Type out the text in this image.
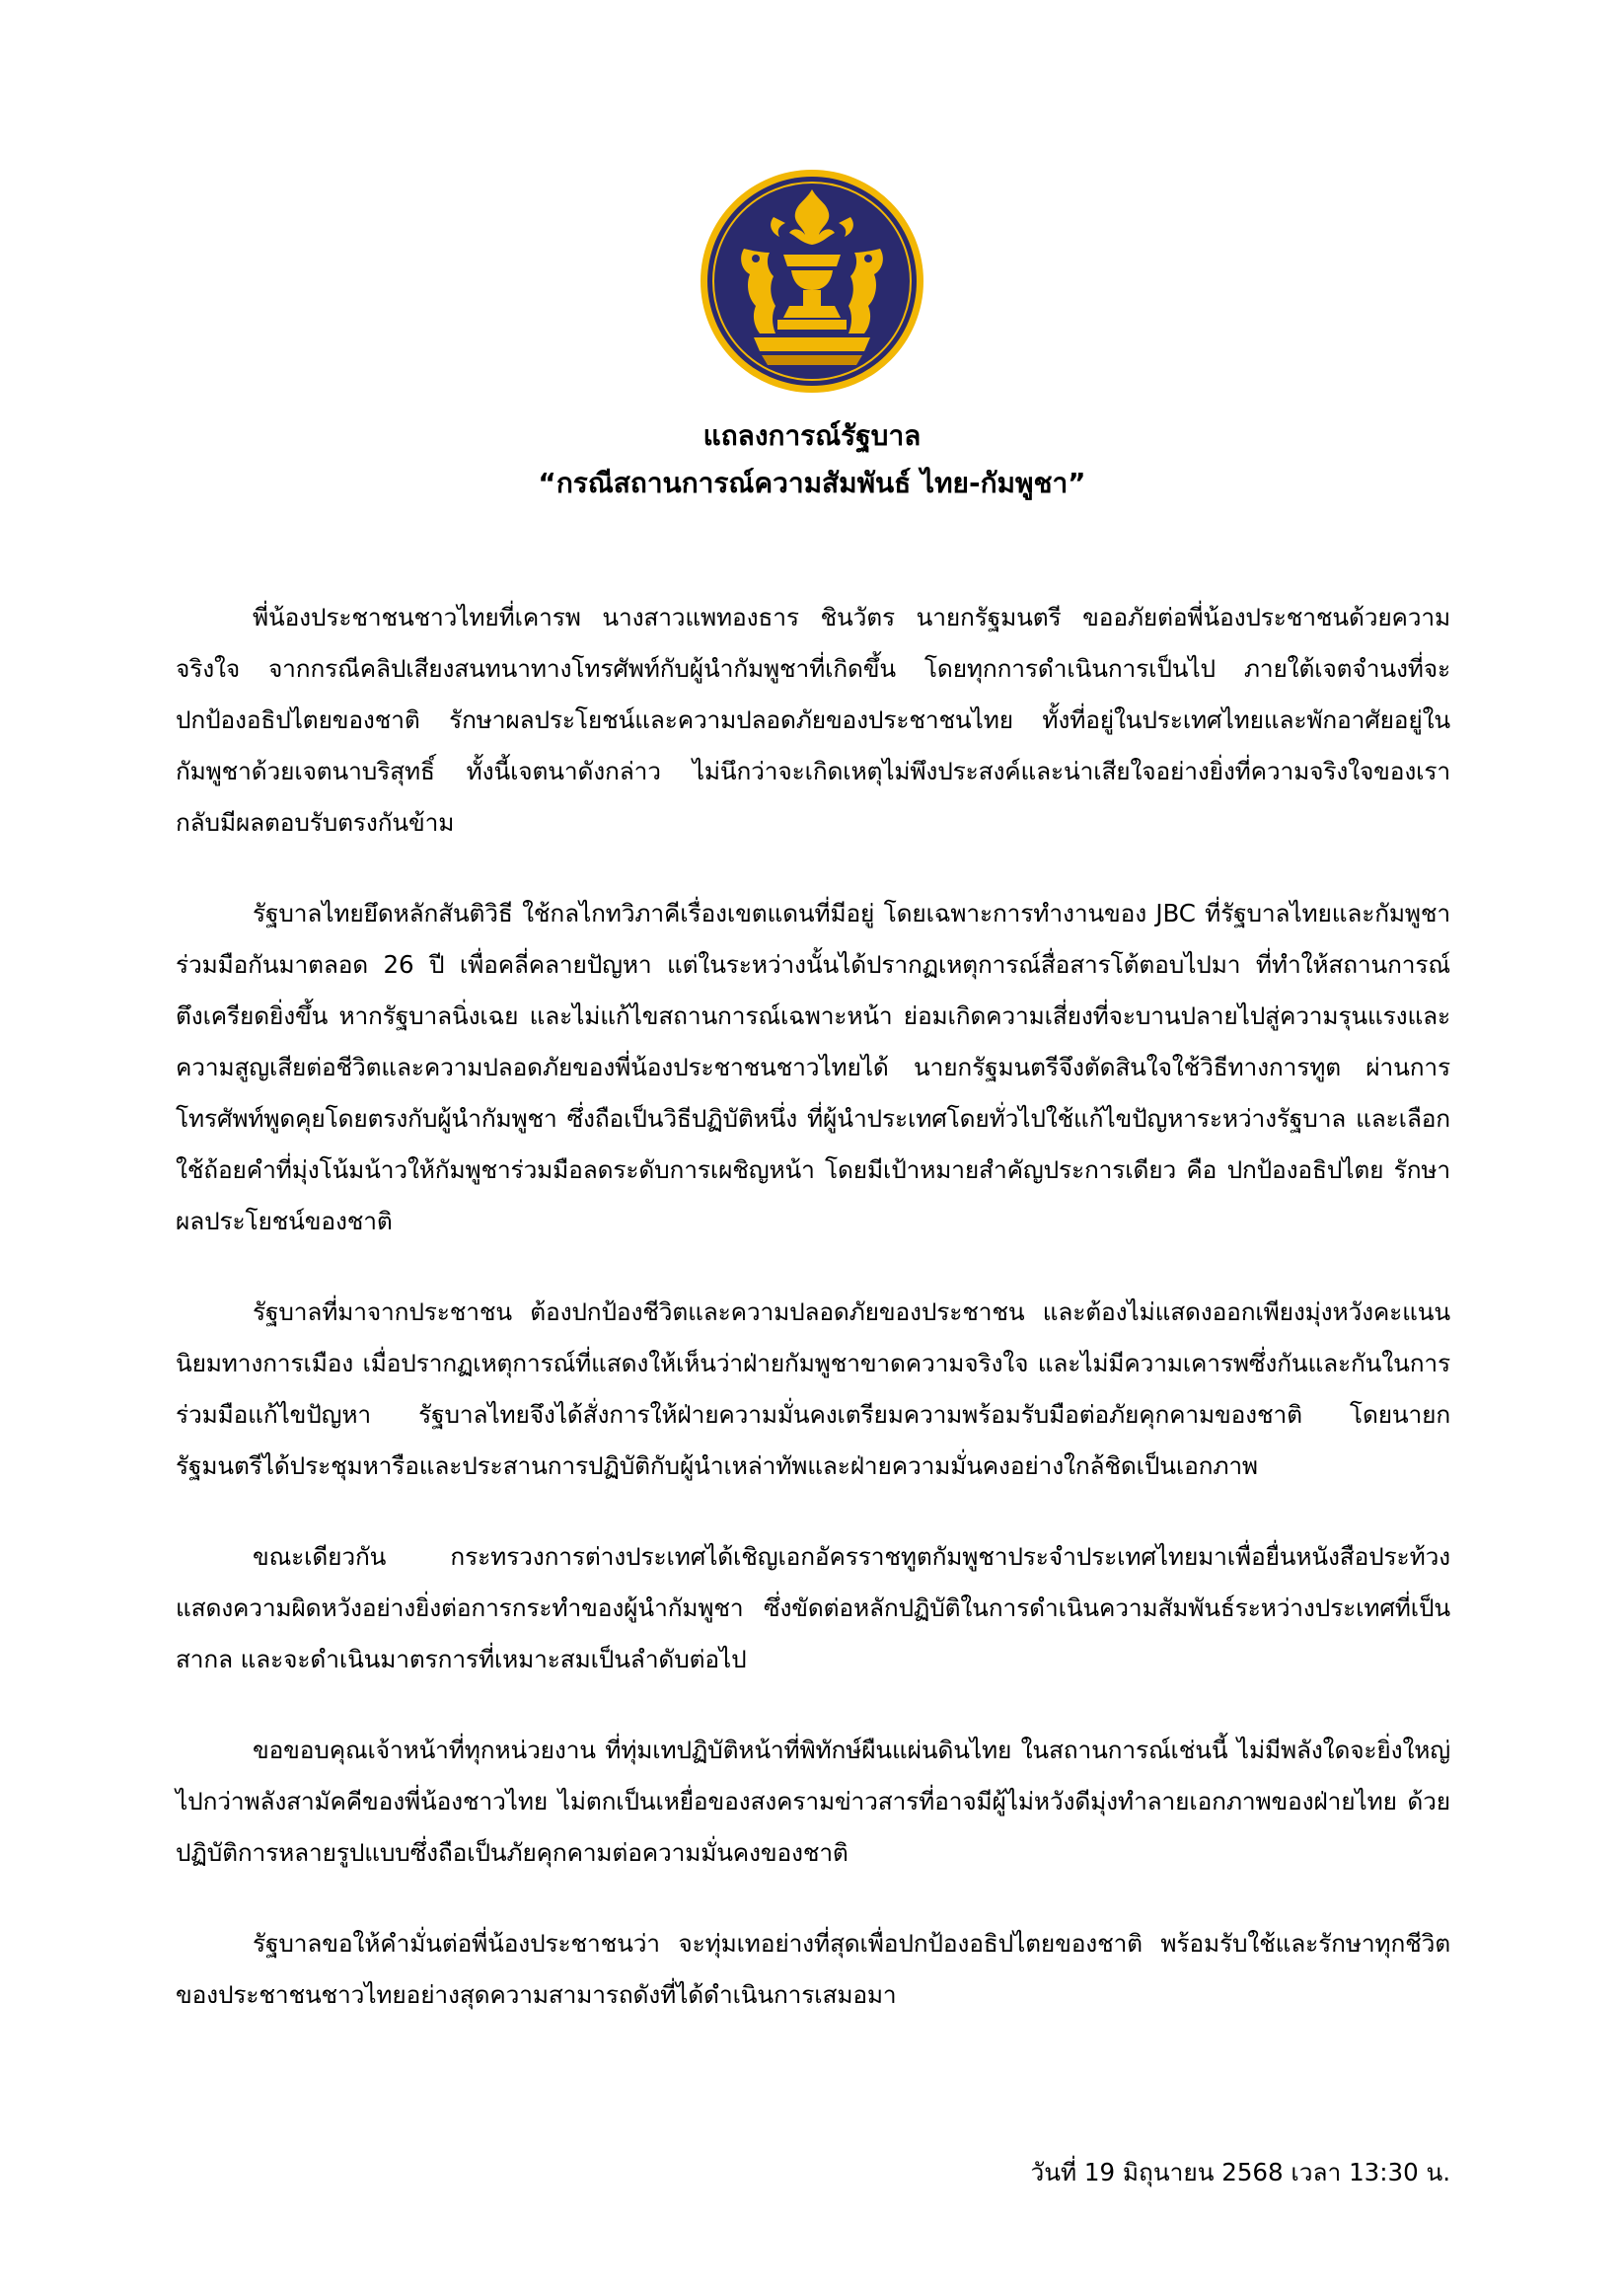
แถลงการณ์รัฐบาล
“กรณีสถานการณ์ความสัมพันธ์ ไทย-กัมพูชา”

พี่น้องประชาชนชาวไทยที่เคารพ นางสาวแพทองธาร ชินวัตร นายกรัฐมนตรี ขออภัยต่อพี่น้องประชาชนด้วยความจริงใจ จากกรณีคลิปเสียงสนทนาทางโทรศัพท์กับผู้นำกัมพูชาที่เกิดขึ้น โดยทุกการดำเนินการเป็นไป ภายใต้เจตจำนงที่จะปกป้องอธิปไตยของชาติ รักษาผลประโยชน์และความปลอดภัยของประชาชนไทย ทั้งที่อยู่ในประเทศไทยและพักอาศัยอยู่ในกัมพูชาด้วยเจตนาบริสุทธิ์ ทั้งนี้เจตนาดังกล่าว ไม่นึกว่าจะเกิดเหตุไม่พึงประสงค์และน่าเสียใจอย่างยิ่งที่ความจริงใจของเรา กลับมีผลตอบรับตรงกันข้าม

รัฐบาลไทยยึดหลักสันติวิธี ใช้กลไกทวิภาคีเรื่องเขตแดนที่มีอยู่ โดยเฉพาะการทำงานของ JBC ที่รัฐบาลไทยและกัมพูชาร่วมมือกันมาตลอด 26 ปี เพื่อคลี่คลายปัญหา แต่ในระหว่างนั้นได้ปรากฏเหตุการณ์สื่อสารโต้ตอบไปมา ที่ทำให้สถานการณ์ตึงเครียดยิ่งขึ้น หากรัฐบาลนิ่งเฉย และไม่แก้ไขสถานการณ์เฉพาะหน้า ย่อมเกิดความเสี่ยงที่จะบานปลายไปสู่ความรุนแรงและความสูญเสียต่อชีวิตและความปลอดภัยของพี่น้องประชาชนชาวไทยได้ นายกรัฐมนตรีจึงตัดสินใจใช้วิธีทางการทูต ผ่านการโทรศัพท์พูดคุยโดยตรงกับผู้นำกัมพูชา ซึ่งถือเป็นวิธีปฏิบัติหนึ่ง ที่ผู้นำประเทศโดยทั่วไปใช้แก้ไขปัญหาระหว่างรัฐบาล และเลือกใช้ถ้อยคำที่มุ่งโน้มน้าวให้กัมพูชาร่วมมือลดระดับการเผชิญหน้า โดยมีเป้าหมายสำคัญประการเดียว คือ ปกป้องอธิปไตย รักษาผลประโยชน์ของชาติ

รัฐบาลที่มาจากประชาชน ต้องปกป้องชีวิตและความปลอดภัยของประชาชน และต้องไม่แสดงออกเพียงมุ่งหวังคะแนนนิยมทางการเมือง เมื่อปรากฏเหตุการณ์ที่แสดงให้เห็นว่าฝ่ายกัมพูชาขาดความจริงใจ และไม่มีความเคารพซึ่งกันและกันในการร่วมมือแก้ไขปัญหา รัฐบาลไทยจึงได้สั่งการให้ฝ่ายความมั่นคงเตรียมความพร้อมรับมือต่อภัยคุกคามของชาติ โดยนายกรัฐมนตรีได้ประชุมหารือและประสานการปฏิบัติกับผู้นำเหล่าทัพและฝ่ายความมั่นคงอย่างใกล้ชิดเป็นเอกภาพ

ขณะเดียวกัน กระทรวงการต่างประเทศได้เชิญเอกอัครราชทูตกัมพูชาประจำประเทศไทยมาเพื่อยื่นหนังสือประท้วง แสดงความผิดหวังอย่างยิ่งต่อการกระทำของผู้นำกัมพูชา ซึ่งขัดต่อหลักปฏิบัติในการดำเนินความสัมพันธ์ระหว่างประเทศที่เป็นสากล และจะดำเนินมาตรการที่เหมาะสมเป็นลำดับต่อไป

ขอขอบคุณเจ้าหน้าที่ทุกหน่วยงาน ที่ทุ่มเทปฏิบัติหน้าที่พิทักษ์ผืนแผ่นดินไทย ในสถานการณ์เช่นนี้ ไม่มีพลังใดจะยิ่งใหญ่ไปกว่าพลังสามัคคีของพี่น้องชาวไทย ไม่ตกเป็นเหยื่อของสงครามข่าวสารที่อาจมีผู้ไม่หวังดีมุ่งทำลายเอกภาพของฝ่ายไทย ด้วยปฏิบัติการหลายรูปแบบซึ่งถือเป็นภัยคุกคามต่อความมั่นคงของชาติ

รัฐบาลขอให้คำมั่นต่อพี่น้องประชาชนว่า จะทุ่มเทอย่างที่สุดเพื่อปกป้องอธิปไตยของชาติ พร้อมรับใช้และรักษาทุกชีวิตของประชาชนชาวไทยอย่างสุดความสามารถดังที่ได้ดำเนินการเสมอมา

วันที่ 19 มิถุนายน 2568 เวลา 13:30 น.
